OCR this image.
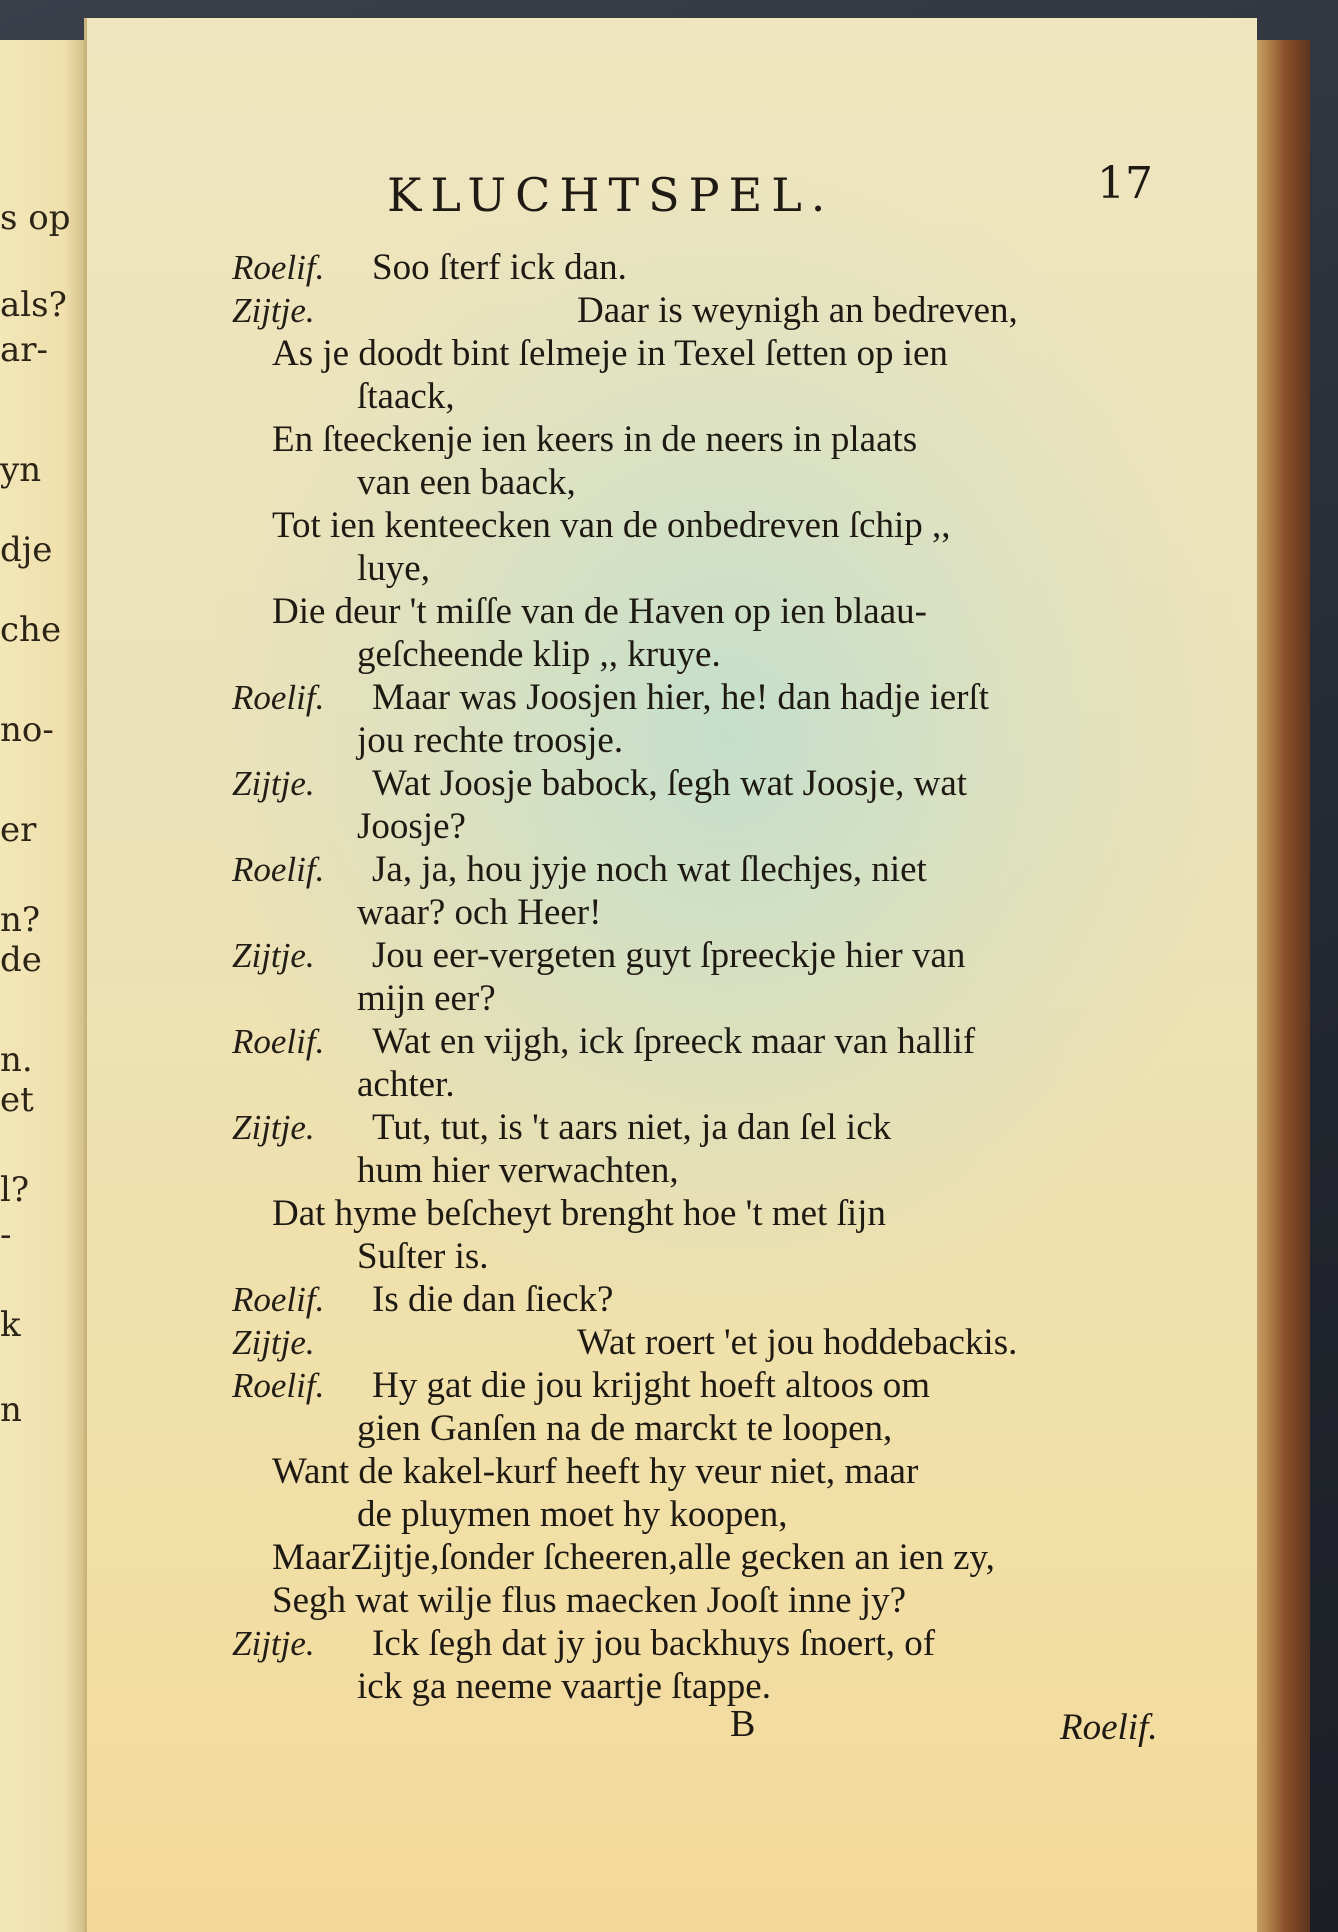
s op
als?
ar-
yn
dje
che
no-
er
n?
de
n.
et
l?
-
k
n
KLUCHTSPEL.	17
Roelif. Soo ſterf ick dan.
Zijtje.	Daar is weynigh an bedreven,
As je doodt bint ſelmeje in Texel ſetten op ien
ſtaack,
En ſteeckenje ien keers in de neers in plaats
van een baack,
Tot ien kenteecken van de onbedreven ſchip ,,
luye,
Die deur 't miſſe van de Haven op ien blaau-
geſcheende klip ,, kruye.
Roelif. Maar was Joosjen hier, he! dan hadje ierſt
jou rechte troosje.
Zijtje. Wat Joosje babock, ſegh wat Joosje, wat
Joosje?
Roelif. Ja, ja, hou jyje noch wat ſlechjes, niet
waar? och Heer!
Zijtje. Jou eer-vergeten guyt ſpreeckje hier van
mijn eer?
Roelif. Wat en vijgh, ick ſpreeck maar van hallif
achter.
Zijtje. Tut, tut, is 't aars niet, ja dan ſel ick
hum hier verwachten,
Dat hyme beſcheyt brenght hoe 't met ſijn
Suſter is.
Roelif. Is die dan ſieck?
Zijtje.	Wat roert 'et jou hoddebackis.
Roelif. Hy gat die jou krijght hoeft altoos om
gien Ganſen na de marckt te loopen,
Want de kakel-kurf heeft hy veur niet, maar
de pluymen moet hy koopen,
MaarZijtje,ſonder ſcheeren,alle gecken an ien zy,
Segh wat wilje flus maecken Jooſt inne jy?
Zijtje. Ick ſegh dat jy jou backhuys ſnoert, of
ick ga neeme vaartje ſtappe.
B	Roelif.
